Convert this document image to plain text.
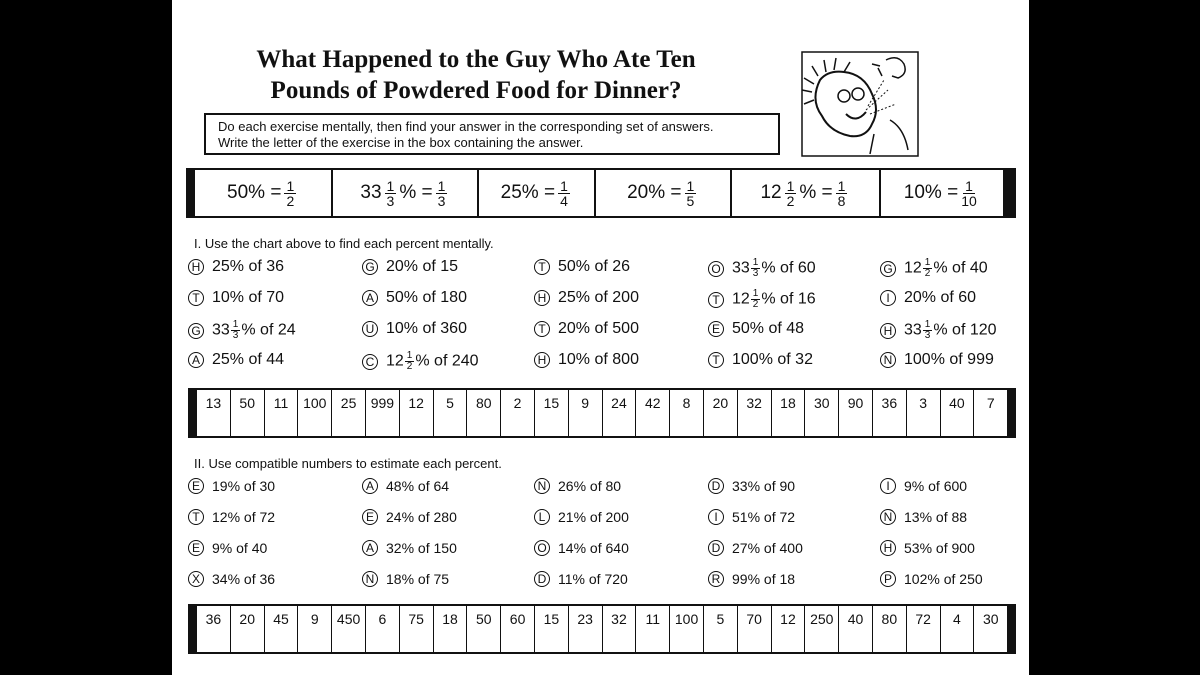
What Happened to the Guy Who Ate Ten
Pounds of Powdered Food for Dinner?
Do each exercise mentally, then find your answer in the corresponding set of answers.
Write the letter of the exercise in the box containing the answer.
50 % = $\frac{1}{2}$	$33 \frac{1}{3}$ % = $\frac{1}{3}$	25 % = $\frac{1}{4}$	20 % = $\frac{1}{5}$	$12 \frac{1}{2}$ % = $\frac{1}{8}$	10 % = $\frac{1}{10}$
I. Use the chart above to find each percent mentally.
H 25% of 36	G 20% of 15	T 50% of 26	O $33 \frac{1}{3}$ % of 60	G $12 \frac{1}{2}$ % of 40
T 10% of 70	A 50% of 180	H 25% of 200	T $12 \frac{1}{2}$ % of 16	I 20% of 60
G $33 \frac{1}{3}$ % of 24	U 10% of 360	T 20% of 500	E 50% of 48	H $33 \frac{1}{3}$ % of 120
A 25% of 44	C $12 \frac{1}{2}$ % of 240	H 10% of 800	T 100% of 32	N 100% of 999
13	50	11	100	25	999	12	5	80	2	15	9	24	42	8	20	32	18	30	90	36	3	40	7
II. Use compatible numbers to estimate each percent.
E 19% of 30	A 48% of 64	N 26% of 80	D 33% of 90	I	9% of 600
T 12% of 72	E 24% of 280	L 21% of 200	I	51% of 72	N 13% of 88
E 9% of 40	A 32% of 150	O 14% of 640	D 27% of 400	H 53% of 900
X 34% of 36	N 18% of 75	D 11% of 720	R 99% of 18	P 102% of 250
36	20	45	9	450	6	75	18	50	60	15	23	32	11	100	5	70	12	250	40	80	72	4	30
